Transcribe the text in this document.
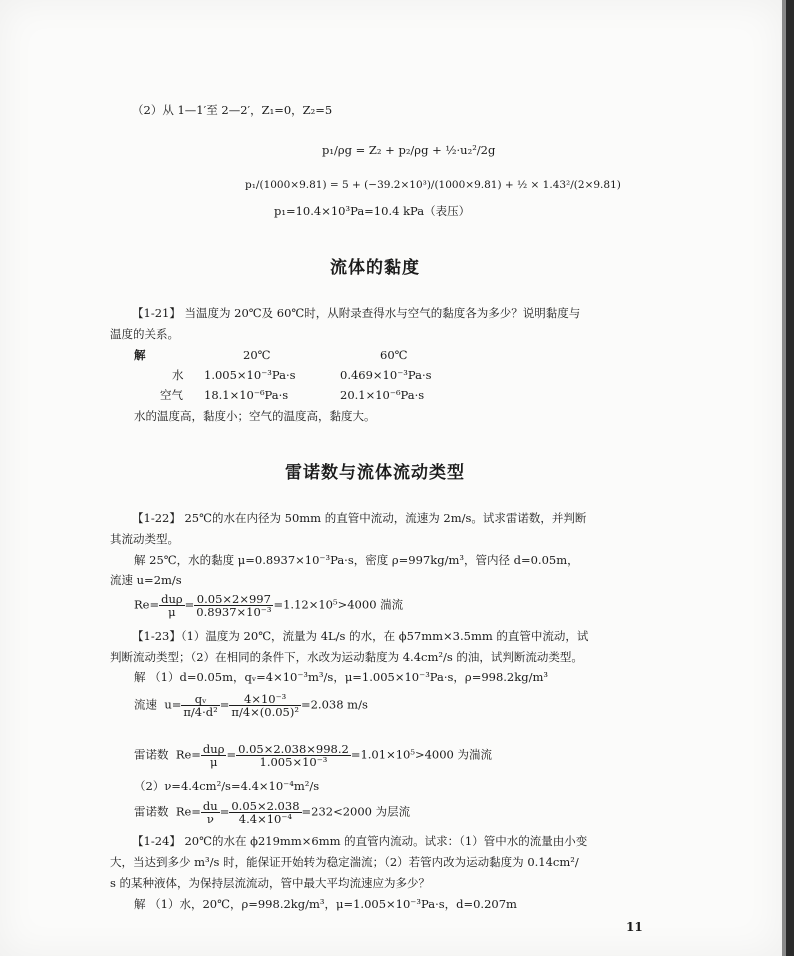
（2）从 1—1′至 2—2′，Z₁=0，Z₂=5
p₁/ρg = Z₂ + p₂/ρg + ½·u₂²/2g
p₁/(1000×9.81) = 5 + (−39.2×10³)/(1000×9.81) + ½ × 1.43²/(2×9.81)
p₁=10.4×10³Pa=10.4 kPa（表压）
流体的黏度
【1-21】 当温度为 20℃及 60℃时，从附录查得水与空气的黏度各为多少？说明黏度与
温度的关系。
解	20℃	60℃
水 1.005×10⁻³Pa·s	0.469×10⁻³Pa·s
空气 18.1×10⁻⁶Pa·s	20.1×10⁻⁶Pa·s
水的温度高，黏度小；空气的温度高，黏度大。
雷诺数与流体流动类型
【1-22】 25℃的水在内径为 50mm 的直管中流动，流速为 2m/s。试求雷诺数，并判断
其流动类型。
解 25℃，水的黏度 μ=0.8937×10⁻³Pa·s，密度 ρ=997kg/m³，管内径 d=0.05m，
流速 u=2m/s
$Re= \frac{\text{duρ}}{\mu} = \frac{0.05\times 2\times 997}{\text{0.8937×10⁻³}} =1.12\times 10^5>4000$ 湍流
【1-23】（1）温度为 20℃，流量为 4L/s 的水，在 ϕ57mm×3.5mm 的直管中流动，试
判断流动类型；（2）在相同的条件下，水改为运动黏度为 4.4cm²/s 的油，试判断流动类型。
解 （1）d=0.05m，qᵥ=4×10⁻³m³/s，μ=1.005×10⁻³Pa·s，ρ=998.2kg/m³
流速 $u= \frac{\text{qᵥ}}{\text{π/4·d²}} = \frac{\text{4×10⁻³}}{\text{π/4×(0.05)²}} =2.038$ m/s
雷诺数 $Re= \frac{\text{duρ}}{\mu} = \frac{0.05\times 2.038\times 998.2}{\text{1.005×10⁻³}} =1.01\times 10^5>4000$ 为湍流
（2）ν=4.4cm²/s=4.4×10⁻⁴m²/s
雷诺数 $Re= \frac{du}{\nu} = \frac{0.05\times 2.038}{\text{4.4×10⁻⁴}} =232<2000$ 为层流
【1-24】 20℃的水在 ϕ219mm×6mm 的直管内流动。试求：（1）管中水的流量由小变
大，当达到多少 m³/s 时，能保证开始转为稳定湍流；（2）若管内改为运动黏度为 0.14cm²/
s 的某种液体，为保持层流流动，管中最大平均流速应为多少？
解 （1）水，20℃，ρ=998.2kg/m³，μ=1.005×10⁻³Pa·s，d=0.207m
11
